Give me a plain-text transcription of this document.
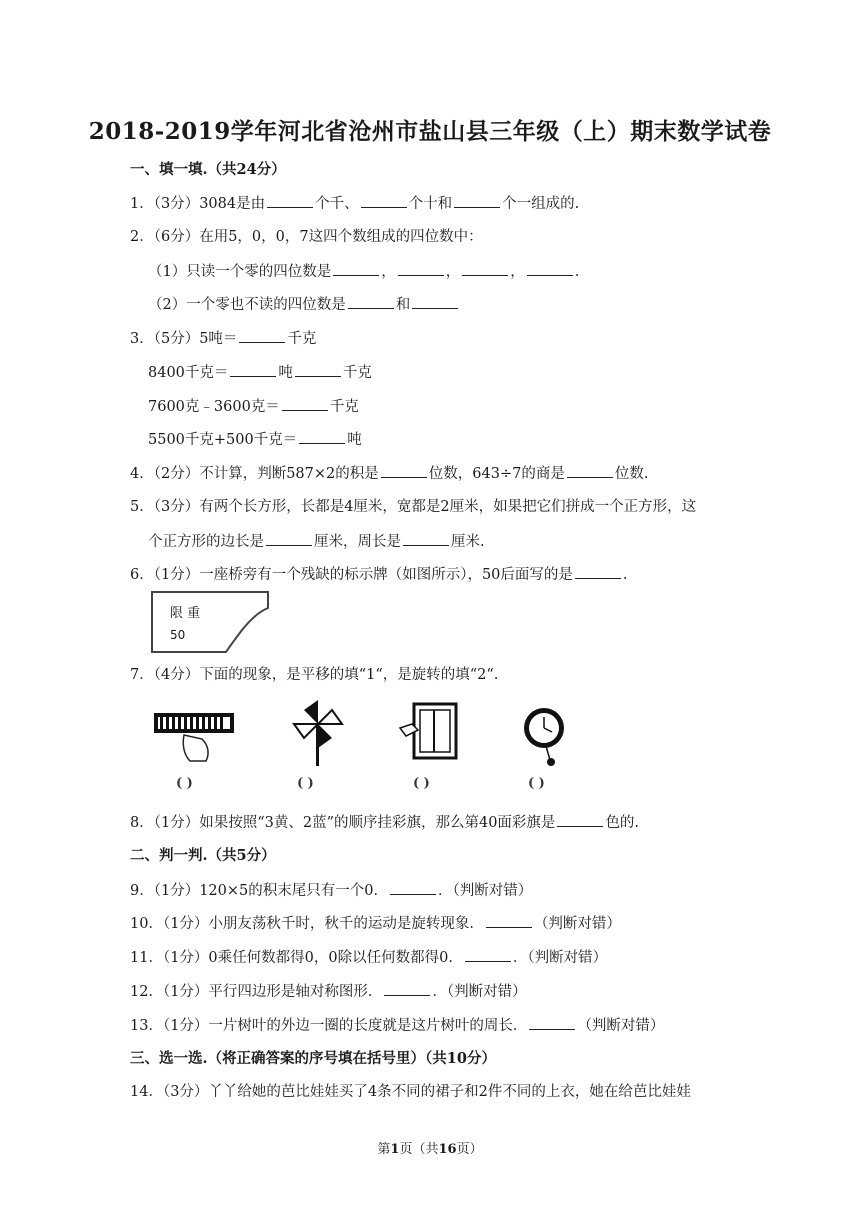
2018-2019学年河北省沧州市盐山县三年级（上）期末数学试卷
一、填一填.（共24分）
1．（3分）3084是由	个千、	个十和	个一组成的.
2．（6分）在用5，0，0，7这四个数组成的四位数中：
（1）只读一个零的四位数是	，	，	，	.
（2）一个零也不读的四位数是	和
3．（5分）5吨＝	千克
8400千克＝	吨	千克
7600克﹣3600克＝	千克
5500千克+500千克＝	吨
4．（2分）不计算，判断587×2的积是	位数，643÷7的商是	位数.
5．（3分）有两个长方形，长都是4厘米，宽都是2厘米，如果把它们拼成一个正方形，这
个正方形的边长是	厘米，周长是	厘米.
6．（1分）一座桥旁有一个残缺的标示牌（如图所示），50后面写的是	.
限 重
50
7．（4分）下面的现象，是平移的填“1“，是旋转的填“2“.
( )	( )	( )	( )
8．（1分）如果按照“3黄、2蓝”的顺序挂彩旗，那么第40面彩旗是	色的.
二、判一判.（共5分）
9．（1分）120×5的积末尾只有一个0．	．（判断对错）
10．（1分）小朋友荡秋千时，秋千的运动是旋转现象．	（判断对错）
11．（1分）0乘任何数都得0，0除以任何数都得0．	．（判断对错）
12．（1分）平行四边形是轴对称图形．	．（判断对错）
13．（1分）一片树叶的外边一圈的长度就是这片树叶的周长．	（判断对错）
三、选一选.（将正确答案的序号填在括号里）（共10分）
14．（3分）丫丫给她的芭比娃娃买了4条不同的裙子和2件不同的上衣，她在给芭比娃娃
第1页（共16页）
